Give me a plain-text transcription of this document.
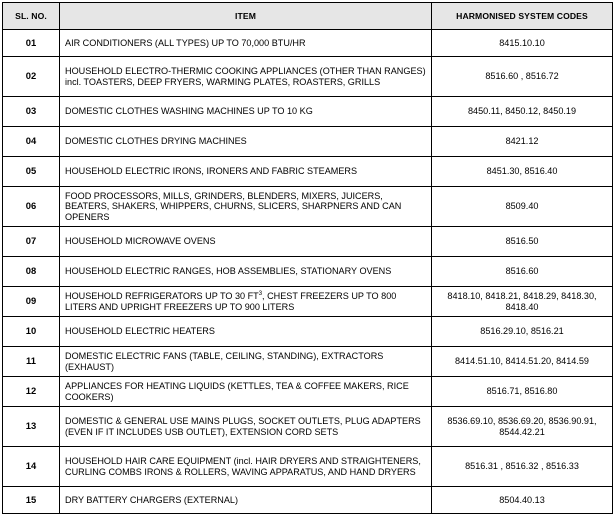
SL. NO.	ITEM	HARMONISED SYSTEM CODES
01	AIR CONDITIONERS (ALL TYPES) UP TO 70,000 BTU/HR	8415.10.10
02	HOUSEHOLD ELECTRO-THERMIC COOKING APPLIANCES (OTHER THAN RANGES) incl. TOASTERS, DEEP FRYERS, WARMING PLATES, ROASTERS, GRILLS	8516.60 , 8516.72
03	DOMESTIC CLOTHES WASHING MACHINES UP TO 10 KG	8450.11, 8450.12, 8450.19
04	DOMESTIC CLOTHES DRYING MACHINES	8421.12
05	HOUSEHOLD ELECTRIC IRONS, IRONERS AND FABRIC STEAMERS	8451.30, 8516.40
06	FOOD PROCESSORS, MILLS, GRINDERS, BLENDERS, MIXERS, JUICERS, BEATERS, SHAKERS, WHIPPERS, CHURNS, SLICERS, SHARPNERS AND CAN OPENERS	8509.40
07	HOUSEHOLD MICROWAVE OVENS	8516.50
08	HOUSEHOLD ELECTRIC RANGES, HOB ASSEMBLIES, STATIONARY OVENS	8516.60
09	HOUSEHOLD REFRIGERATORS UP TO 30 $FT^3$, CHEST FREEZERS UP TO 800 LITERS AND UPRIGHT FREEZERS UP TO 900 LITERS	8418.10, 8418.21, 8418.29, 8418.30, 8418.40
10	HOUSEHOLD ELECTRIC HEATERS	8516.29.10, 8516.21
11	DOMESTIC ELECTRIC FANS (TABLE, CEILING, STANDING), EXTRACTORS (EXHAUST)	8414.51.10, 8414.51.20, 8414.59
12	APPLIANCES FOR HEATING LIQUIDS (KETTLES, TEA & COFFEE MAKERS, RICE COOKERS)	8516.71, 8516.80
13	DOMESTIC & GENERAL USE MAINS PLUGS, SOCKET OUTLETS, PLUG ADAPTERS (EVEN IF IT INCLUDES USB OUTLET), EXTENSION CORD SETS	8536.69.10, 8536.69.20, 8536.90.91, 8544.42.21
14	HOUSEHOLD HAIR CARE EQUIPMENT (incl. HAIR DRYERS AND STRAIGHTENERS, CURLING COMBS IRONS & ROLLERS, WAVING APPARATUS, AND HAND DRYERS	8516.31 , 8516.32 , 8516.33
15	DRY BATTERY CHARGERS (EXTERNAL)	8504.40.13
